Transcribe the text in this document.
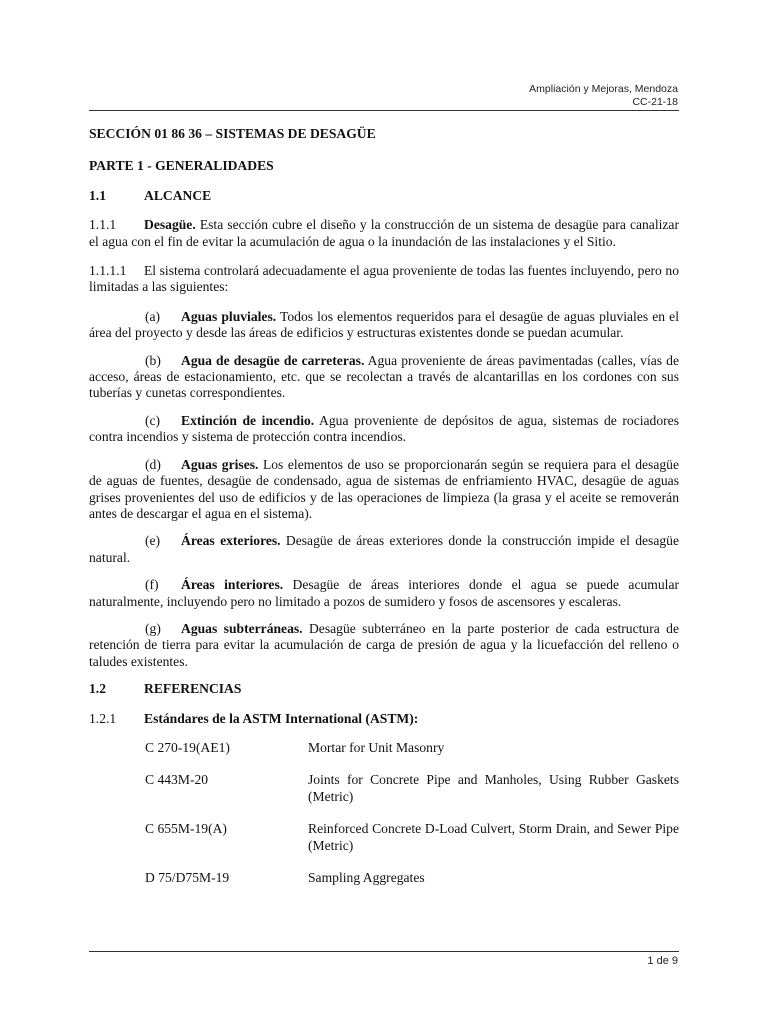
Ampliación y Mejoras, Mendoza
CC-21-18
SECCIÓN 01 86 36 – SISTEMAS DE DESAGÜE
PARTE 1 - GENERALIDADES
1.1	ALCANCE

1.1.1 Desagüe. Esta sección cubre el diseño y la construcción de un sistema de desagüe para canalizar el agua con el fin de evitar la acumulación de agua o la inundación de las instalaciones y el Sitio.

1.1.1.1 El sistema controlará adecuadamente el agua proveniente de todas las fuentes incluyendo, pero no limitadas a las siguientes:

(a) Aguas pluviales. Todos los elementos requeridos para el desagüe de aguas pluviales en el área del proyecto y desde las áreas de edificios y estructuras existentes donde se puedan acumular.

(b) Agua de desagüe de carreteras. Agua proveniente de áreas pavimentadas (calles, vías de acceso, áreas de estacionamiento, etc. que se recolectan a través de alcantarillas en los cordones con sus tuberías y cunetas correspondientes.

(c) Extinción de incendio. Agua proveniente de depósitos de agua, sistemas de rociadores contra incendios y sistema de protección contra incendios.

(d) Aguas grises. Los elementos de uso se proporcionarán según se requiera para el desagüe de aguas de fuentes, desagüe de condensado, agua de sistemas de enfriamiento HVAC, desagüe de aguas grises provenientes del uso de edificios y de las operaciones de limpieza (la grasa y el aceite se removerán antes de descargar el agua en el sistema).

(e) Áreas exteriores. Desagüe de áreas exteriores donde la construcción impide el desagüe natural.

(f) Áreas interiores. Desagüe de áreas interiores donde el agua se puede acumular naturalmente, incluyendo pero no limitado a pozos de sumidero y fosos de ascensores y escaleras.

(g) Aguas subterráneas. Desagüe subterráneo en la parte posterior de cada estructura de retención de tierra para evitar la acumulación de carga de presión de agua y la licuefacción del relleno o taludes existentes.

1.2	REFERENCIAS
1.2.1 Estándares de la ASTM International (ASTM):
C 270-19(AE1)	Mortar for Unit Masonry
C 443M-20	Joints for Concrete Pipe and Manholes, Using Rubber Gaskets (Metric)
C 655M-19(A)	Reinforced Concrete D-Load Culvert, Storm Drain, and Sewer Pipe (Metric)
D 75/D75M-19	Sampling Aggregates
1 de 9
